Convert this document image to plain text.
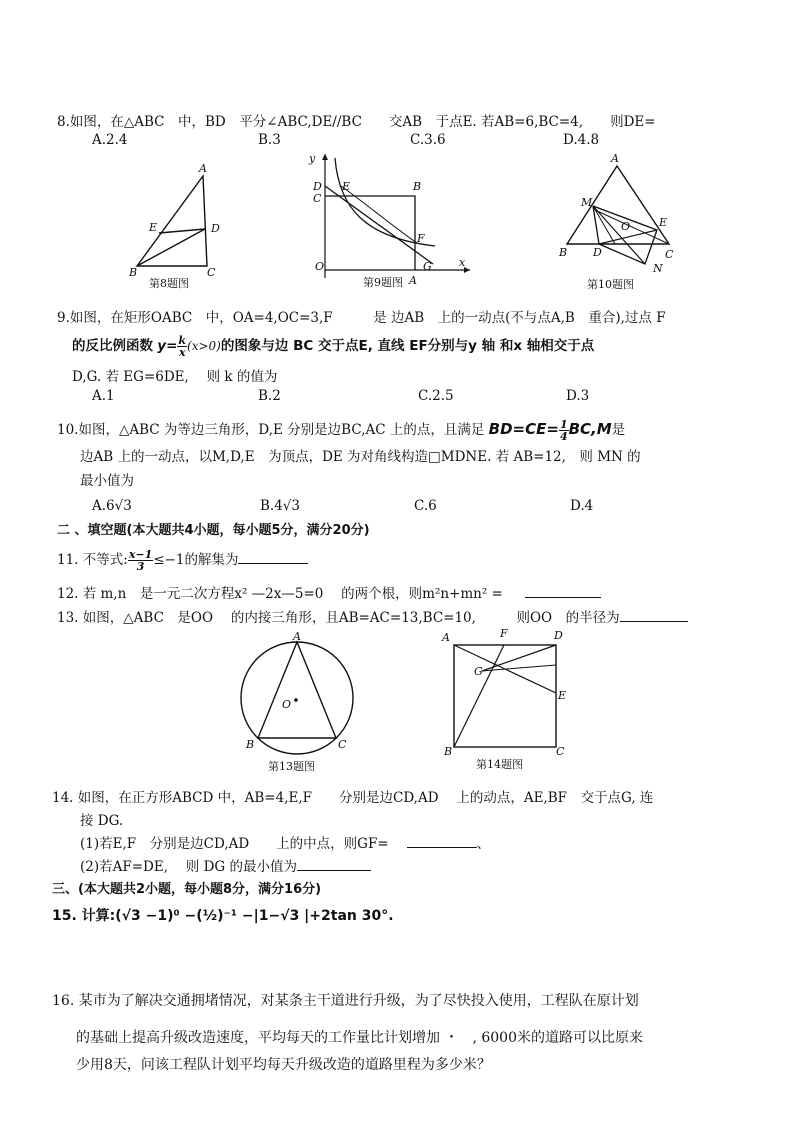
8.如图，在△ABC　中，BD　平分∠ABC,DE//BC　　交AB　于点E. 若AB=6,BC=4,　　则DE=
A.2.4	B.3	C.3.6	D.4.8
A
B	C
D
E
第8题图
y
x
O
A
B
C
D E
F
G
第9题图
A
B	C
D
E
M
N
O
第10题图
9.如图，在矩形OABC　中，OA=4,OC=3,F　　　是 边AB　上的一动点(不与点A,B　重合),过点 F
的反比例函数 $y= \frac{k}{x} (x>0)$的图象与边 BC 交于点E, 直线 EF分别与y 轴 和x 轴相交于点
D,G. 若 EG=6DE,　 则 k 的值为
A.1	B.2	C.2.5	D.3
10.如图，△ABC 为等边三角形，D,E 分别是边BC,AC 上的点，且满足 $BD=CE= \frac{1}{4} BC,M$是
边AB 上的一动点，以M,D,E　为顶点，DE 为对角线构造□MDNE. 若 AB=12,　则 MN 的
最小值为
A.6√3	B.4√3	C.6	D.4
二 、填空题(本大题共4小题，每小题5分，满分20分)
11. 不等式: $\frac{x-1}{3} \le-1$的解集为
12. 若 m,n　是一元二次方程x² —2x—5=0　 的两个根，则m²n+mn² =
13. 如图，△ABC　是OO　 的内接三角形，且AB=AC=13,BC=10,　　　则OO　的半径为
A
B	C
O
第13题图
A
B	C
D
E
F
G
第14题图
14. 如图，在正方形ABCD 中，AB=4,E,F　　分别是边CD,AD　 上的动点，AE,BF　交于点G, 连
接 DG.
(1)若E,F　分别是边CD,AD　　上的中点，则GF=	、
(2)若AF=DE,　 则 DG 的最小值为
三、(本大题共2小题，每小题8分，满分16分)
15. 计算:(√3 −1)⁰ −(½)⁻¹ −|1−√3 |+2tan 30°.
16. 某市为了解决交通拥堵情况，对某条主干道进行升级，为了尽快投入使用，工程队在原计划
的基础上提高升级改造速度，平均每天的工作量比计划增加 ・　, 6000米的道路可以比原来
少用8天，问该工程队计划平均每天升级改造的道路里程为多少米？
